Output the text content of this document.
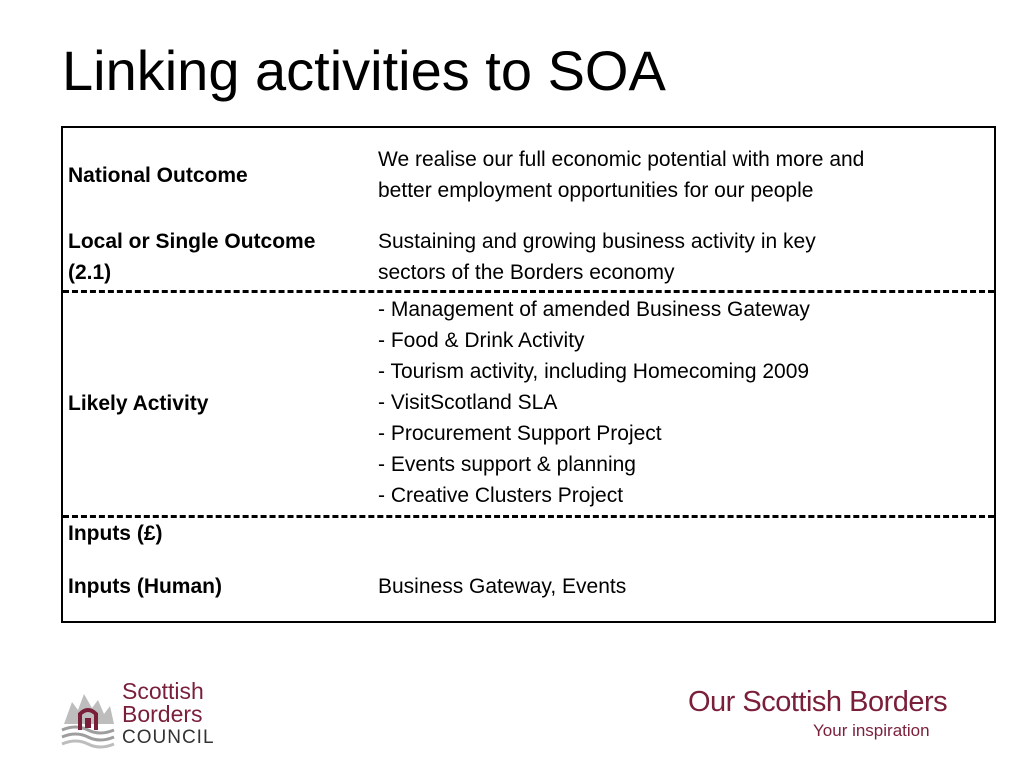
Linking activities to SOA
National Outcome
We realise our full economic potential with more and
better employment opportunities for our people
Local or Single Outcome
(2.1)
Sustaining and growing business activity in key
sectors of the Borders economy
Likely Activity
- Management of amended Business Gateway
- Food & Drink Activity
- Tourism activity, including Homecoming 2009
- VisitScotland SLA
- Procurement Support Project
- Events support & planning
- Creative Clusters Project
Inputs (£)
Inputs (Human)	Business Gateway, Events
Scottish
Borders
COUNCIL
Our Scottish Borders
Your inspiration
